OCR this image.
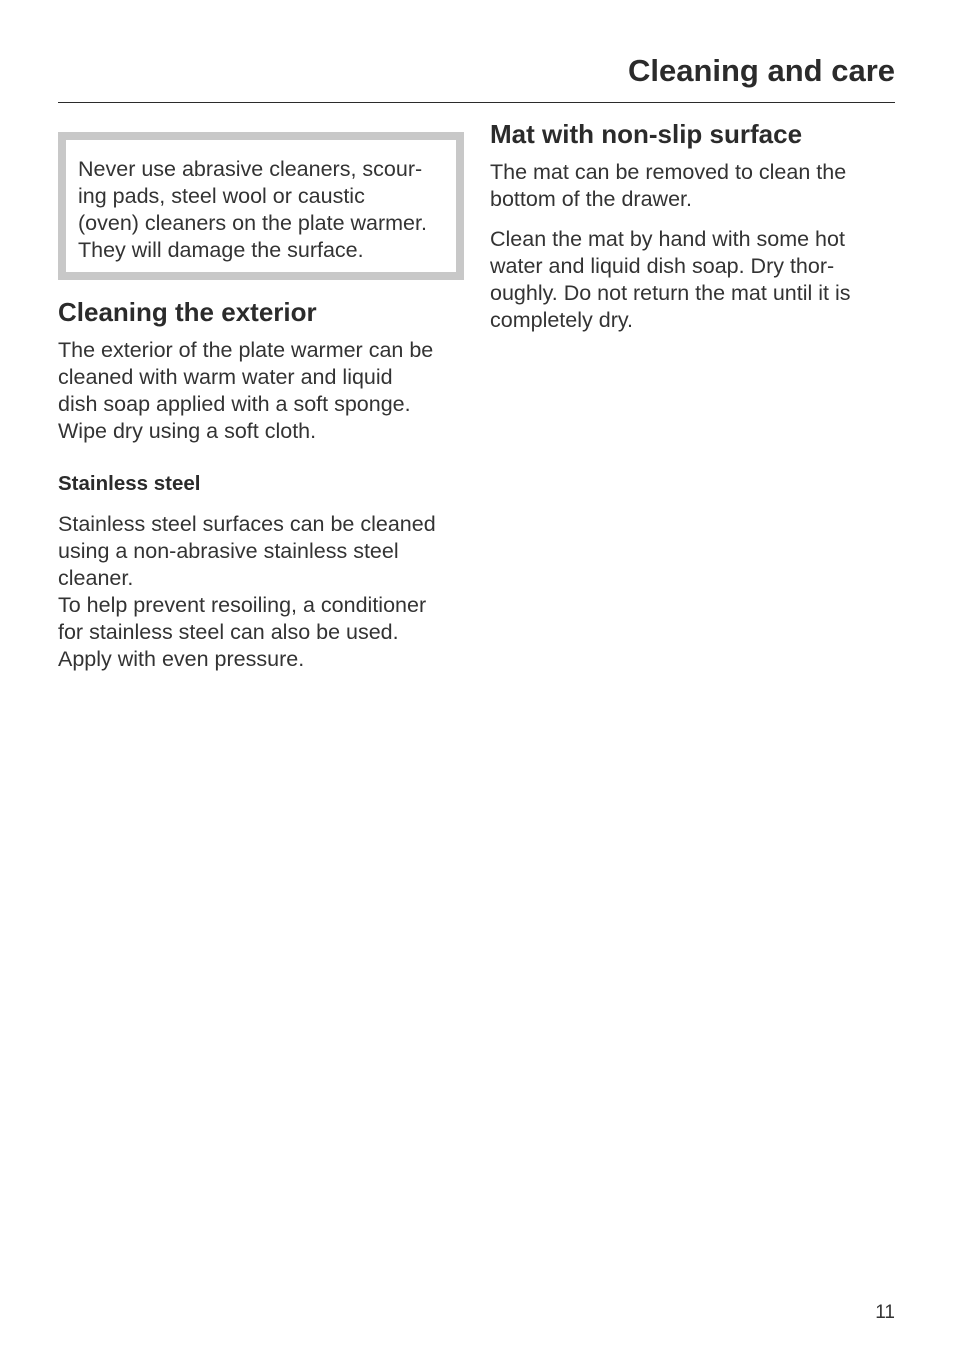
Cleaning and care

Never use abrasive cleaners, scour-
ing pads, steel wool or caustic
(oven) cleaners on the plate warmer.
They will damage the surface.

Cleaning the exterior

The exterior of the plate warmer can be
cleaned with warm water and liquid
dish soap applied with a soft sponge.
Wipe dry using a soft cloth.

Stainless steel

Stainless steel surfaces can be cleaned
using a non-abrasive stainless steel
cleaner.
To help prevent resoiling, a conditioner
for stainless steel can also be used.
Apply with even pressure.

Mat with non-slip surface

The mat can be removed to clean the
bottom of the drawer.

Clean the mat by hand with some hot
water and liquid dish soap. Dry thor-
oughly. Do not return the mat until it is
completely dry.

11
